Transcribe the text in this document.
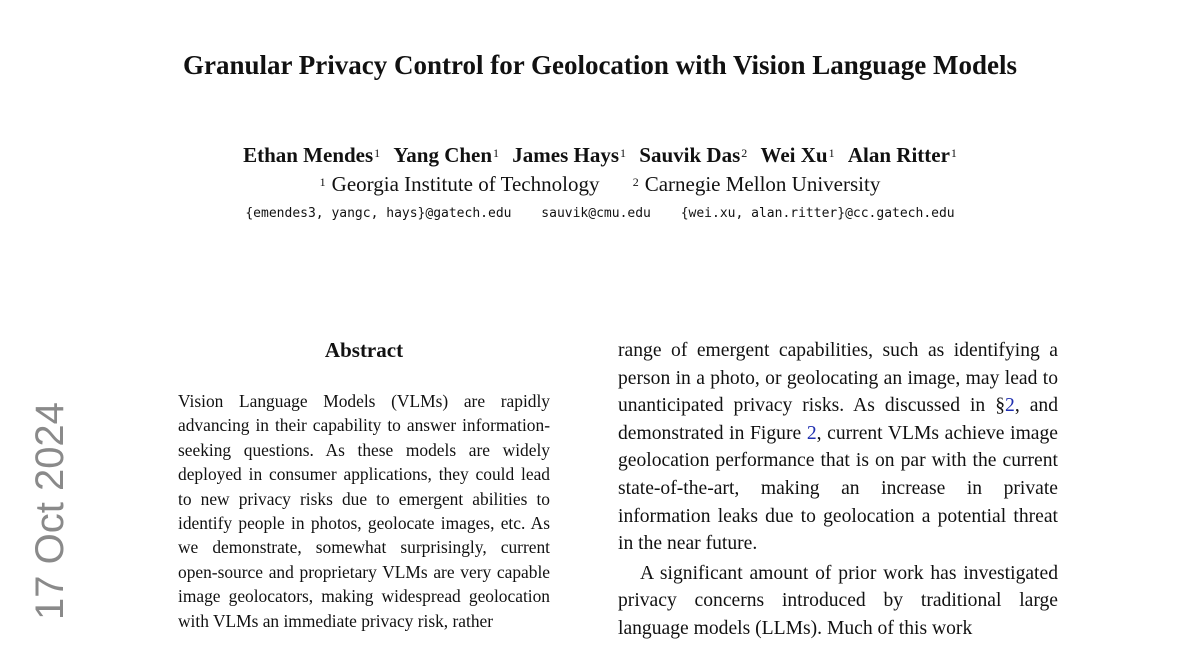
Granular Privacy Control for Geolocation with Vision Language Models
Ethan Mendes$^1$ Yang Chen$^1$ James Hays$^1$ Sauvik Das$^2$ Wei Xu$^1$ Alan Ritter$^1$
$^1$ Georgia Institute of Technology	$^2$ Carnegie Mellon University
{emendes3, yangc, hays}@gatech.edu sauvik@cmu.edu {wei.xu, alan.ritter}@cc.gatech.edu
17 Oct 2024
Abstract
Vision Language Models (VLMs) are rapidly advancing in their capability to answer information-seeking questions. As these models are widely deployed in consumer applications, they could lead to new privacy risks due to emergent abilities to identify people in photos, geolocate images, etc. As we demonstrate, somewhat surprisingly, current open-source and proprietary VLMs are very capable image geolocators, making widespread geolocation with VLMs an immediate privacy risk, rather

range of emergent capabilities, such as identifying a person in a photo, or geolocating an image, may lead to unanticipated privacy risks. As discussed in §2, and demonstrated in Figure 2, current VLMs achieve image geolocation performance that is on par with the current state-of-the-art, making an increase in private information leaks due to geolocation a potential threat in the near future.

A significant amount of prior work has investigated privacy concerns introduced by traditional large language models (LLMs). Much of this work
